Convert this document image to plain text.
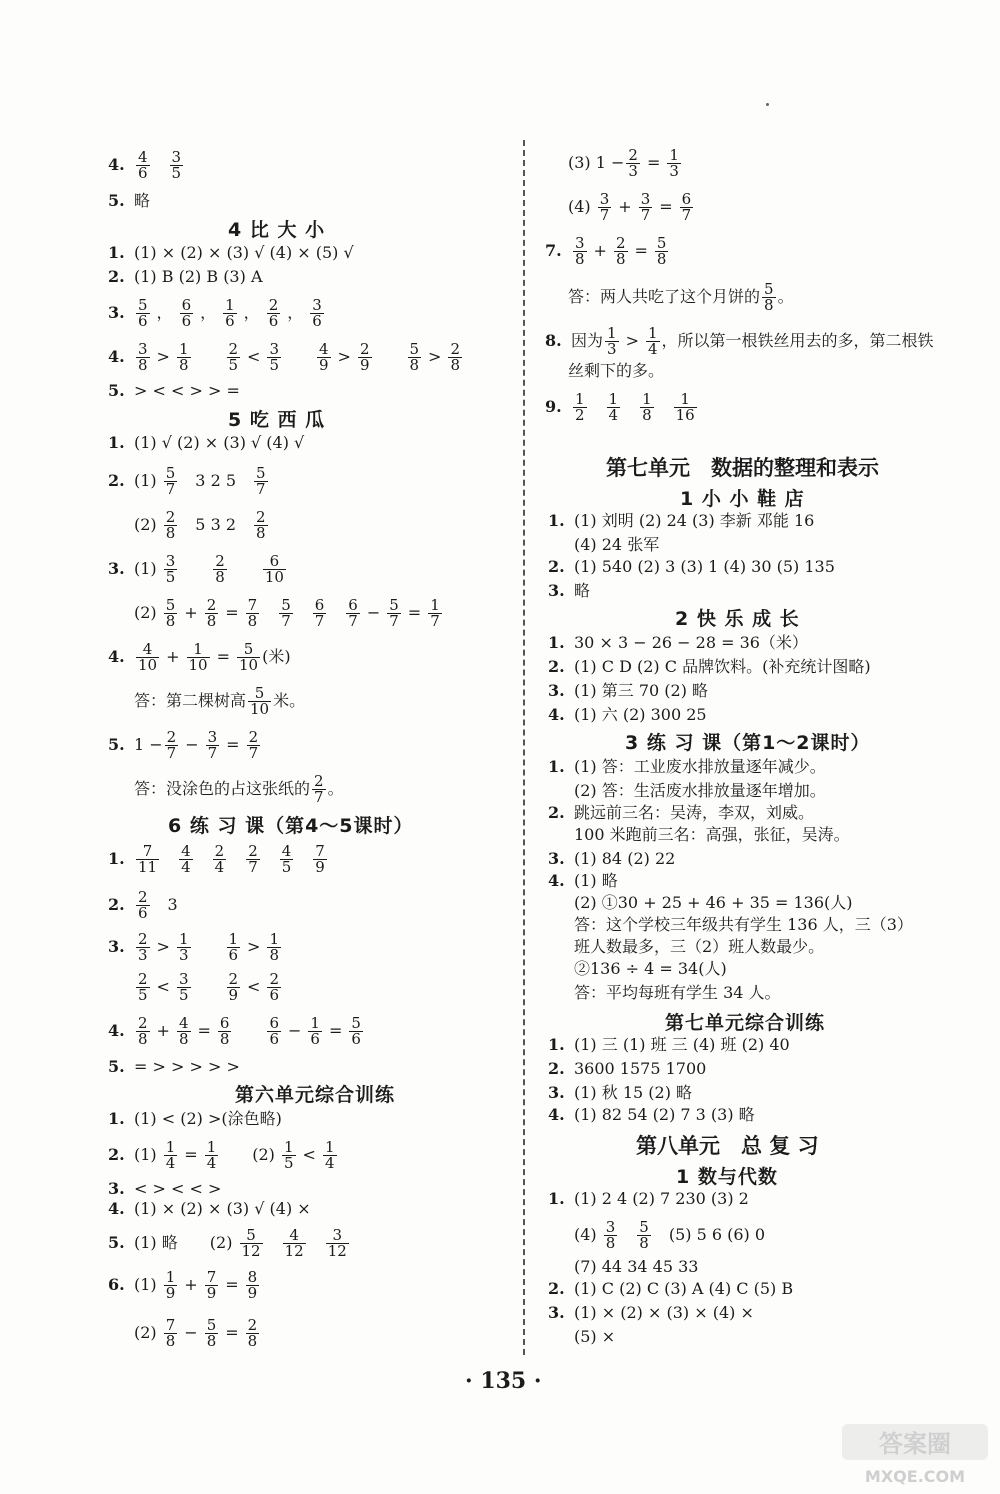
4. $\frac{4}{6} \frac{3}{5}$
5. 略
4 比 大 小
1. (1) × (2) × (3) √ (4) × (5) √
2. (1) B (2) B (3) A
3. $\frac{5}{6}$ ， $\frac{6}{6}$ ， $\frac{1}{6}$ ， $\frac{2}{6}$ ， $\frac{3}{6}$
4. $\frac{3}{8} > \frac{1}{8} \frac{2}{5} < \frac{3}{5} \frac{4}{9} > \frac{2}{9} \frac{5}{8} > \frac{2}{8}$
5. > < < > > =
5 吃 西 瓜
1. (1) √ (2) × (3) √ (4) √
2. $(1) \frac{5}{7} 3$ 2 $5 \frac{5}{7}$
$(2) \frac{2}{8} 5$ 3 $2 \frac{2}{8}$
3. $(1) \frac{3}{5} \frac{2}{8} \frac{6}{10}$
$(2) \frac{5}{8} + \frac{2}{8} = \frac{7}{8} \frac{5}{7} \frac{6}{7} \frac{6}{7} - \frac{5}{7} = \frac{1}{7}$
4. $\frac{4}{10} + \frac{1}{10} = \frac{5}{10}$ (米)
答：第二棵树高 $\frac{5}{10}$ 米。
5. $1 - \frac{2}{7} - \frac{3}{7} = \frac{2}{7}$
答：没涂色的占这张纸的 $\frac{2}{7}$ 。
6 练 习 课（第4～5课时）
1. $\frac{7}{11} \frac{4}{4} \frac{2}{4} \frac{2}{7} \frac{4}{5} \frac{7}{9}$
2. $\frac{2}{6} 3$
3. $\frac{2}{3} > \frac{1}{3} \frac{1}{6} > \frac{1}{8}$
$\frac{2}{5} < \frac{3}{5} \frac{2}{9} < \frac{2}{6}$
4. $\frac{2}{8} + \frac{4}{8} = \frac{6}{8} \frac{6}{6} - \frac{1}{6} = \frac{5}{6}$
5. = > > > > >
第六单元综合训练
1. (1) < (2) >(涂色略)
2. $(1) \frac{1}{4} = \frac{1}{4} (2) \frac{1}{5} < \frac{1}{4}$
3. < > < < >
4. (1) × (2) × (3) √ (4) ×
5. (1) 略 $(2) \frac{5}{12} \frac{4}{12} \frac{3}{12}$
6. $(1) \frac{1}{9} + \frac{7}{9} = \frac{8}{9}$
$(2) \frac{7}{8} - \frac{5}{8} = \frac{2}{8}$
(3) $1 - \frac{2}{3} = \frac{1}{3}$
$(4) \frac{3}{7} + \frac{3}{7} = \frac{6}{7}$
7. $\frac{3}{8} + \frac{2}{8} = \frac{5}{8}$
答：两人共吃了这个月饼的 $\frac{5}{8}$ 。
8. 因为 $\frac{1}{3} > \frac{1}{4}$ ，所以第一根铁丝用去的多，第二根铁
丝剩下的多。
9. $\frac{1}{2} \frac{1}{4} \frac{1}{8} \frac{1}{16}$
第七单元　数据的整理和表示
1 小 小 鞋 店
1. (1) 刘明 (2) 24 (3) 李新 邓能 16
(4) 24 张军
2. (1) 540 (2) 3 (3) 1 (4) 30 (5) 135
3. 略
2 快 乐 成 长
1. 30 × 3 − 26 − 28 = 36（米）
2. (1) C D (2) C 品牌饮料。(补充统计图略)
3. (1) 第三 70 (2) 略
4. (1) 六 (2) 300 25
3 练 习 课（第1～2课时）
1. (1) 答：工业废水排放量逐年减少。
(2) 答：生活废水排放量逐年增加。
2. 跳远前三名：吴涛，李双，刘威。
100 米跑前三名：高强，张征，吴涛。
3. (1) 84 (2) 22
4. (1) 略
(2) ①30 + 25 + 46 + 35 = 136(人)
答：这个学校三年级共有学生 136 人，三（3）
班人数最多，三（2）班人数最少。
②136 ÷ 4 = 34(人)
答：平均每班有学生 34 人。
第七单元综合训练
1. (1) 三 (1) 班 三 (4) 班 (2) 40
2. 3600 1575 1700
3. (1) 秋 15 (2) 略
4. (1) 82 54 (2) 7 3 (3) 略
第八单元　总 复 习
1 数与代数
1. (1) 2 4 (2) 7 230 (3) 2
$(4) \frac{3}{8} \frac{5}{8} (5)$ 5 6 (6) 0
(7) 44 34 45 33
2. (1) C (2) C (3) A (4) C (5) B
3. (1) × (2) × (3) × (4) ×
(5) ×
· 135 ·
答案圈
MXQE.COM
